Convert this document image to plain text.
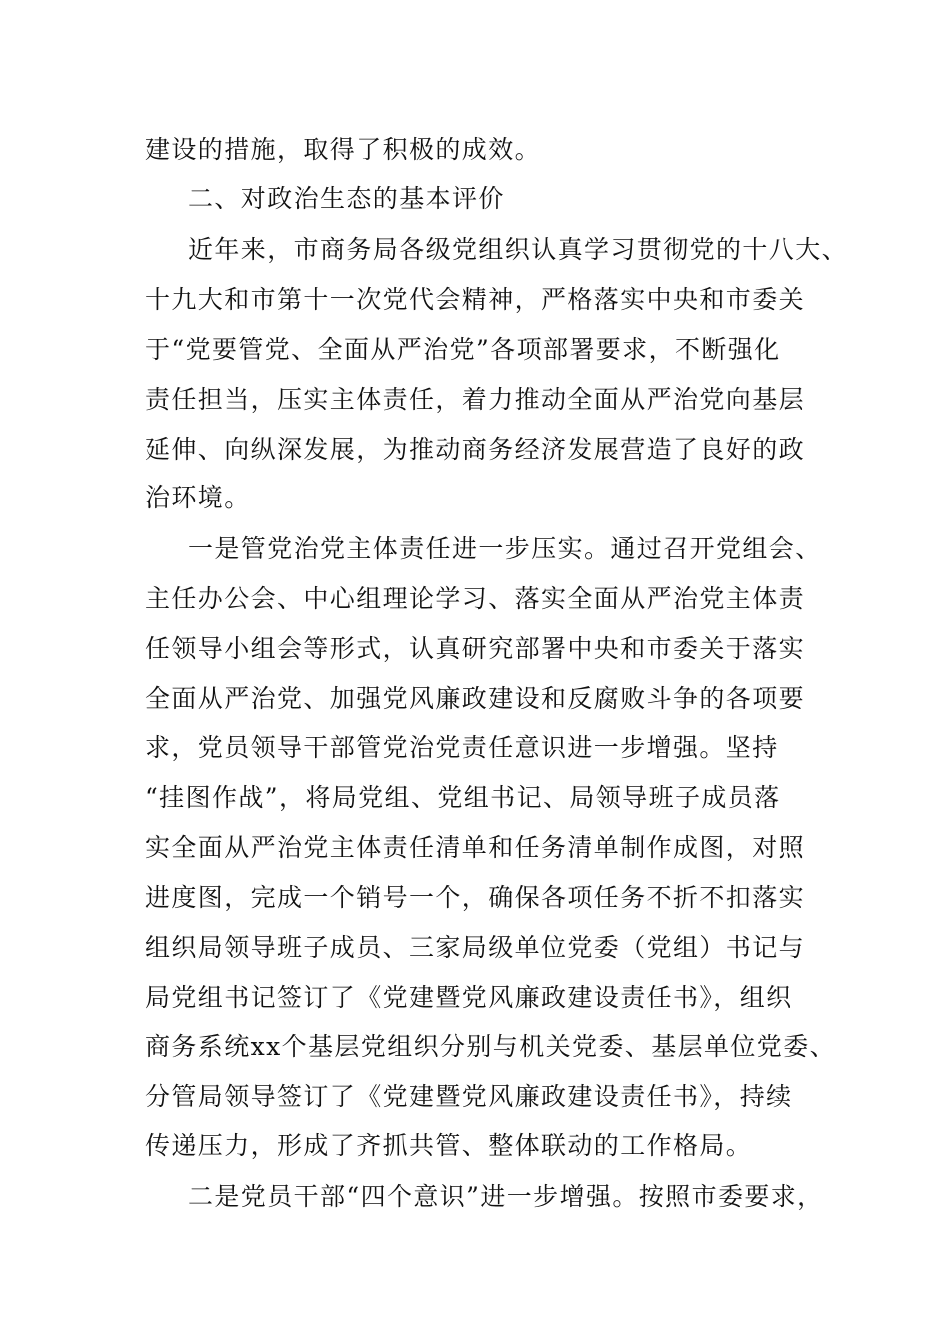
建设的措施，取得了积极的成效。
二、对政治生态的基本评价
近年来，市商务局各级党组织认真学习贯彻党的十八大、
十九大和市第十一次党代会精神，严格落实中央和市委关
于“党要管党、全面从严治党”各项部署要求，不断强化
责任担当，压实主体责任，着力推动全面从严治党向基层
延伸、向纵深发展，为推动商务经济发展营造了良好的政
治环境。
一是管党治党主体责任进一步压实。通过召开党组会、
主任办公会、中心组理论学习、落实全面从严治党主体责
任领导小组会等形式，认真研究部署中央和市委关于落实
全面从严治党、加强党风廉政建设和反腐败斗争的各项要
求，党员领导干部管党治党责任意识进一步增强。坚持
“挂图作战”，将局党组、党组书记、局领导班子成员落
实全面从严治党主体责任清单和任务清单制作成图，对照
进度图，完成一个销号一个，确保各项任务不折不扣落实
组织局领导班子成员、三家局级单位党委（党组）书记与
局党组书记签订了《党建暨党风廉政建设责任书》，组织
商务系统xx个基层党组织分别与机关党委、基层单位党委、
分管局领导签订了《党建暨党风廉政建设责任书》，持续
传递压力，形成了齐抓共管、整体联动的工作格局。
二是党员干部“四个意识”进一步增强。按照市委要求，
